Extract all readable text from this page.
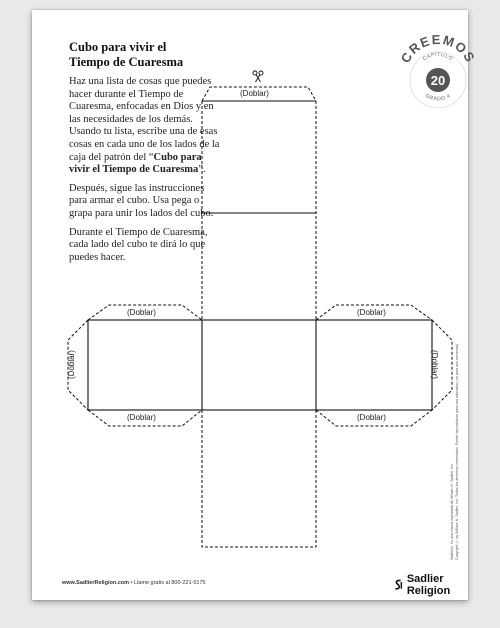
Cubo para vivir el
Tiempo de Cuaresma

Haz una lista de cosas que puedes hacer durante el Tiempo de Cuaresma, enfocadas en Dios y en las necesidades de los demás. Usando tu lista, escribe una de esas cosas en cada uno de los lados de la caja del patrón del “Cubo para vivir el Tiempo de Cuaresma”.

Después, sigue las instrucciones para armar el cubo. Usa pega o grapa para unir los lados del cubo.

Durante el Tiempo de Cuaresma, cada lado del cubo te dirá lo que puedes hacer.

CREEMOS
CAPÍTULO
20
GRADO 4
(Doblar)
(Doblar)	(Doblar)
(Doblar)	(Doblar)
(Doblar)	(Doblar)
Sadlier® es una marca registrada de William H. Sadlier, Inc.
Copyright © by William H. Sadlier, Inc. Todos los derechos reservados. Puede reproducirse para uso educativo (no para uso comercial).
www.SadlierReligion.com • Llame gratis al 800-221-5175	Sadlier Religion
